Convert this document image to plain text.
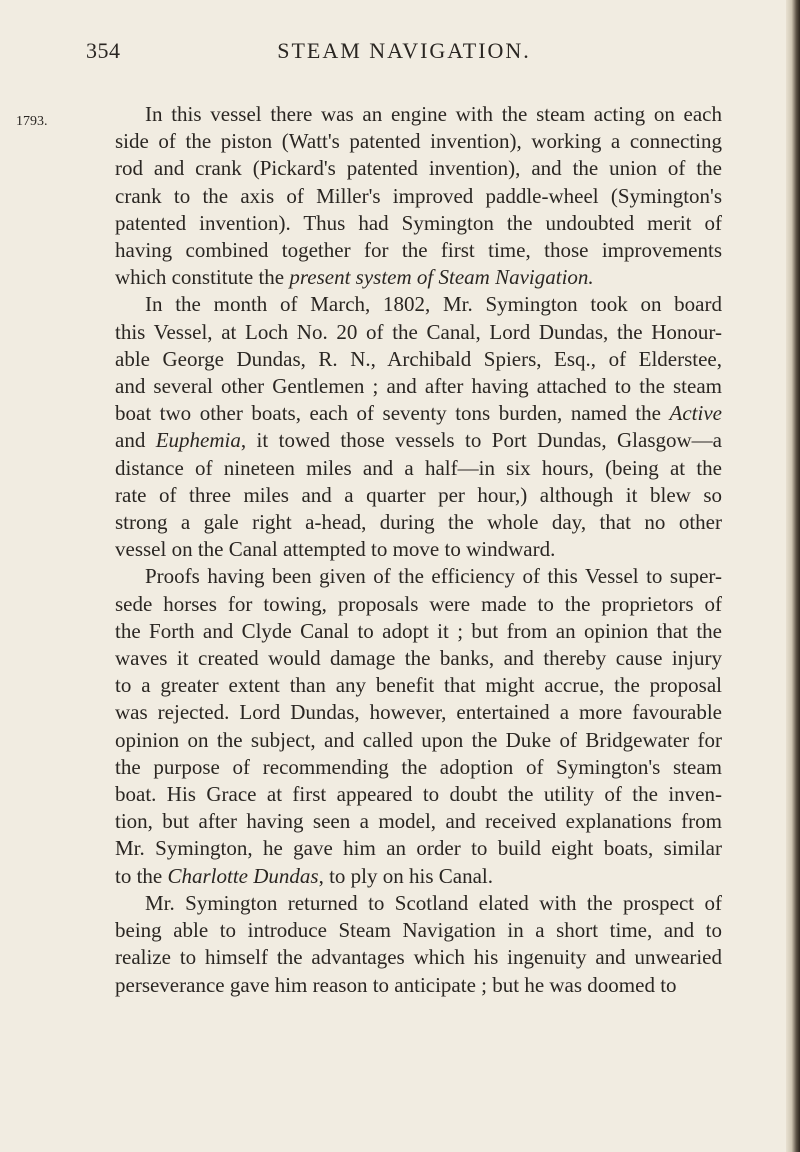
354	STEAM NAVIGATION.
1793.	In this vessel there was an engine with the steam acting on each
side of the piston (Watt's patented invention), working a connecting
rod and crank (Pickard's patented invention), and the union of the
crank to the axis of Miller's improved paddle-wheel (Symington's
patented invention). Thus had Symington the undoubted merit of
having combined together for the first time, those improvements
which constitute the present system of Steam Navigation.
In the month of March, 1802, Mr. Symington took on board
this Vessel, at Loch No. 20 of the Canal, Lord Dundas, the Honour-
able George Dundas, R. N., Archibald Spiers, Esq., of Elderstee,
and several other Gentlemen ; and after having attached to the steam
boat two other boats, each of seventy tons burden, named the Active
and Euphemia, it towed those vessels to Port Dundas, Glasgow—a
distance of nineteen miles and a half—in six hours, (being at the
rate of three miles and a quarter per hour,) although it blew so
strong a gale right a-head, during the whole day, that no other
vessel on the Canal attempted to move to windward.
Proofs having been given of the efficiency of this Vessel to super-
sede horses for towing, proposals were made to the proprietors of
the Forth and Clyde Canal to adopt it ; but from an opinion that the
waves it created would damage the banks, and thereby cause injury
to a greater extent than any benefit that might accrue, the proposal
was rejected. Lord Dundas, however, entertained a more favourable
opinion on the subject, and called upon the Duke of Bridgewater for
the purpose of recommending the adoption of Symington's steam
boat. His Grace at first appeared to doubt the utility of the inven-
tion, but after having seen a model, and received explanations from
Mr. Symington, he gave him an order to build eight boats, similar
to the Charlotte Dundas, to ply on his Canal.
Mr. Symington returned to Scotland elated with the prospect of
being able to introduce Steam Navigation in a short time, and to
realize to himself the advantages which his ingenuity and unwearied
perseverance gave him reason to anticipate ; but he was doomed to
